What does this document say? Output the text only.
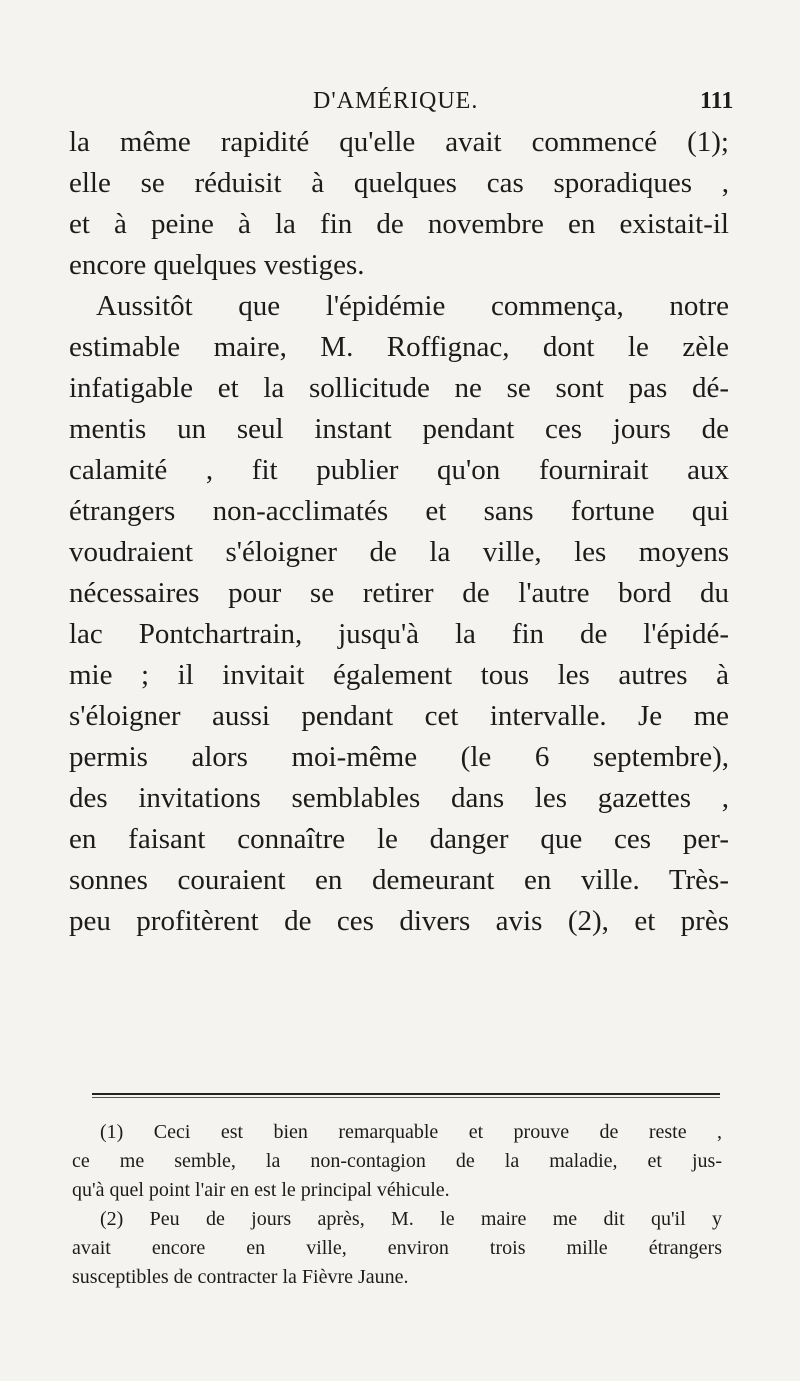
D'AMÉRIQUE.	111
la même rapidité qu'elle avait commencé (1);
elle se réduisit à quelques cas sporadiques ,
et à peine à la fin de novembre en existait-il
encore quelques vestiges.
Aussitôt que l'épidémie commença, notre
estimable maire, M. Roffignac, dont le zèle
infatigable et la sollicitude ne se sont pas dé-
mentis un seul instant pendant ces jours de
calamité , fit publier qu'on fournirait aux
étrangers non-acclimatés et sans fortune qui
voudraient s'éloigner de la ville, les moyens
nécessaires pour se retirer de l'autre bord du
lac Pontchartrain, jusqu'à la fin de l'épidé-
mie ; il invitait également tous les autres à
s'éloigner aussi pendant cet intervalle. Je me
permis alors moi-même (le 6 septembre),
des invitations semblables dans les gazettes ,
en faisant connaître le danger que ces per-
sonnes couraient en demeurant en ville. Très-
peu profitèrent de ces divers avis (2), et près
(1) Ceci est bien remarquable et prouve de reste ,
ce me semble, la non-contagion de la maladie, et jus-
qu'à quel point l'air en est le principal véhicule.
(2) Peu de jours après, M. le maire me dit qu'il y
avait encore en ville, environ trois mille étrangers
susceptibles de contracter la Fièvre Jaune.
